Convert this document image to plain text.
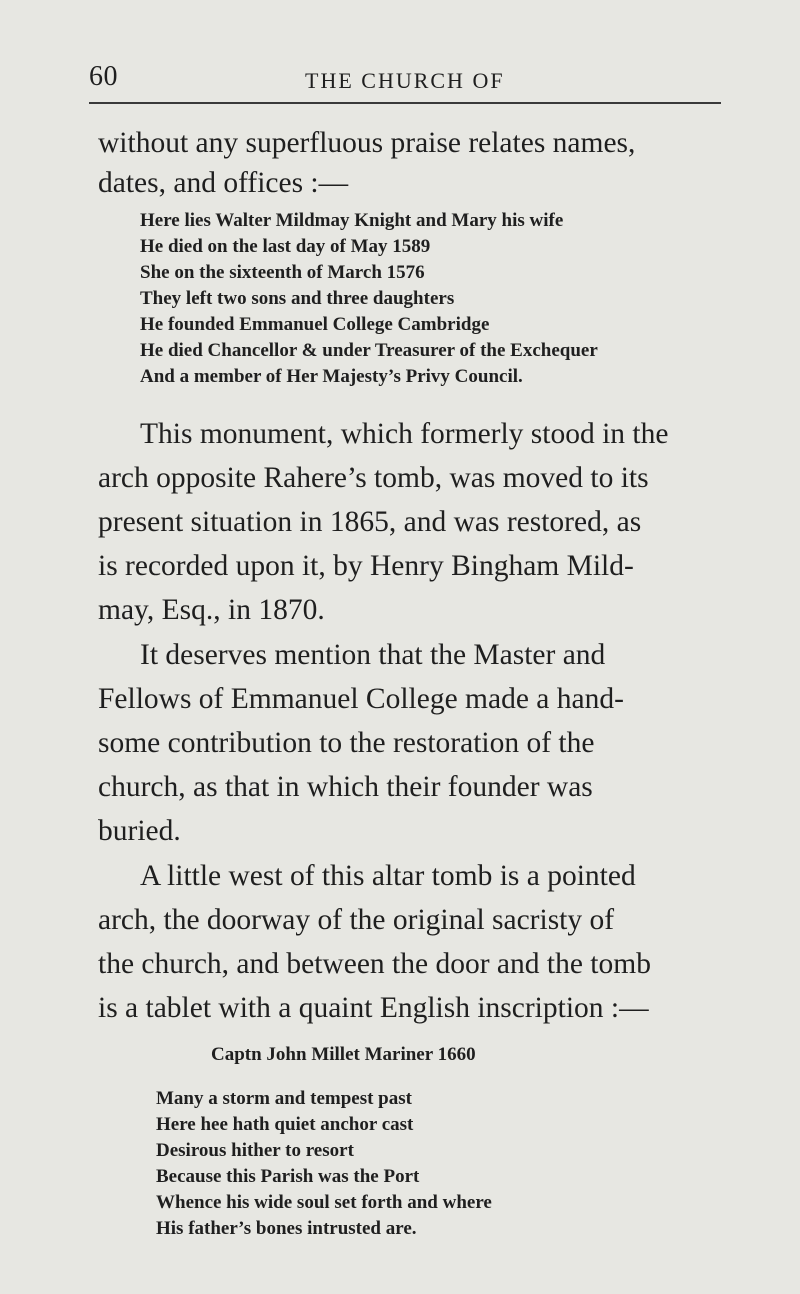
60	THE CHURCH OF
without any superfluous praise relates names,
dates, and offices :—
Here lies Walter Mildmay Knight and Mary his wife
He died on the last day of May 1589
She on the sixteenth of March 1576
They left two sons and three daughters
He founded Emmanuel College Cambridge
He died Chancellor & under Treasurer of the Exchequer
And a member of Her Majesty’s Privy Council.
This monument, which formerly stood in the
arch opposite Rahere’s tomb, was moved to its
present situation in 1865, and was restored, as
is recorded upon it, by Henry Bingham Mild-
may, Esq., in 1870.
It deserves mention that the Master and
Fellows of Emmanuel College made a hand-
some contribution to the restoration of the
church, as that in which their founder was
buried.
A little west of this altar tomb is a pointed
arch, the doorway of the original sacristy of
the church, and between the door and the tomb
is a tablet with a quaint English inscription :—
Captn John Millet Mariner 1660
Many a storm and tempest past
Here hee hath quiet anchor cast
Desirous hither to resort
Because this Parish was the Port
Whence his wide soul set forth and where
His father’s bones intrusted are.
